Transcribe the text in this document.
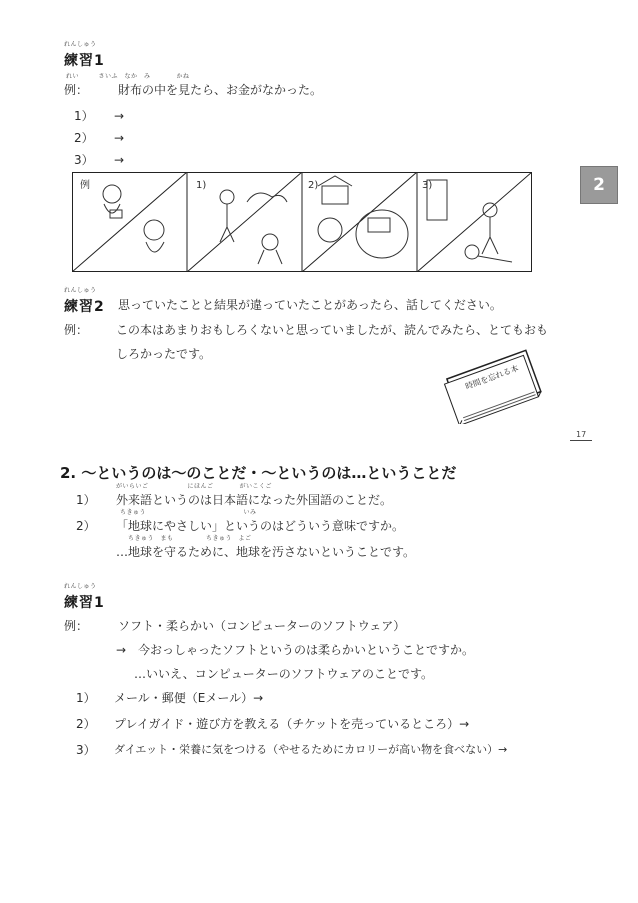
2
17
れんしゅう
練習1
れい　　　さいふ　なか　み　　　　かね
例： 財布の中を見たら、お金がなかった。
1） →
2） →
3） →
例	1)	2)	3)
れんしゅう
練習2 思っていたことと結果が違っていたことがあったら、話してください。
例： この本はあまりおもしろくないと思っていましたが、読んでみたら、とてもおも
しろかったです。
時間を忘れる本
2. ～というのは～のことだ・～というのは…ということだ
がいらいご　　　　　　にほんご　　　　がいこくご
1） 外来語というのは日本語になった外国語のことだ。
ちきゅう　　　　　　　　　　　　　　　いみ
2） 「地球にやさしい」というのはどういう意味ですか。
ちきゅう　まも　　　　　ちきゅう　よご
…地球を守るために、地球を汚さないということです。
れんしゅう
練習1
例： ソフト・柔らかい（コンピューターのソフトウェア）
→　今おっしゃったソフトというのは柔らかいということですか。
…いいえ、コンピューターのソフトウェアのことです。
1） メール・郵便（Eメール）→
2） プレイガイド・遊び方を教える（チケットを売っているところ）→
3） ダイエット・栄養に気をつける（やせるためにカロリーが高い物を食べない）→
